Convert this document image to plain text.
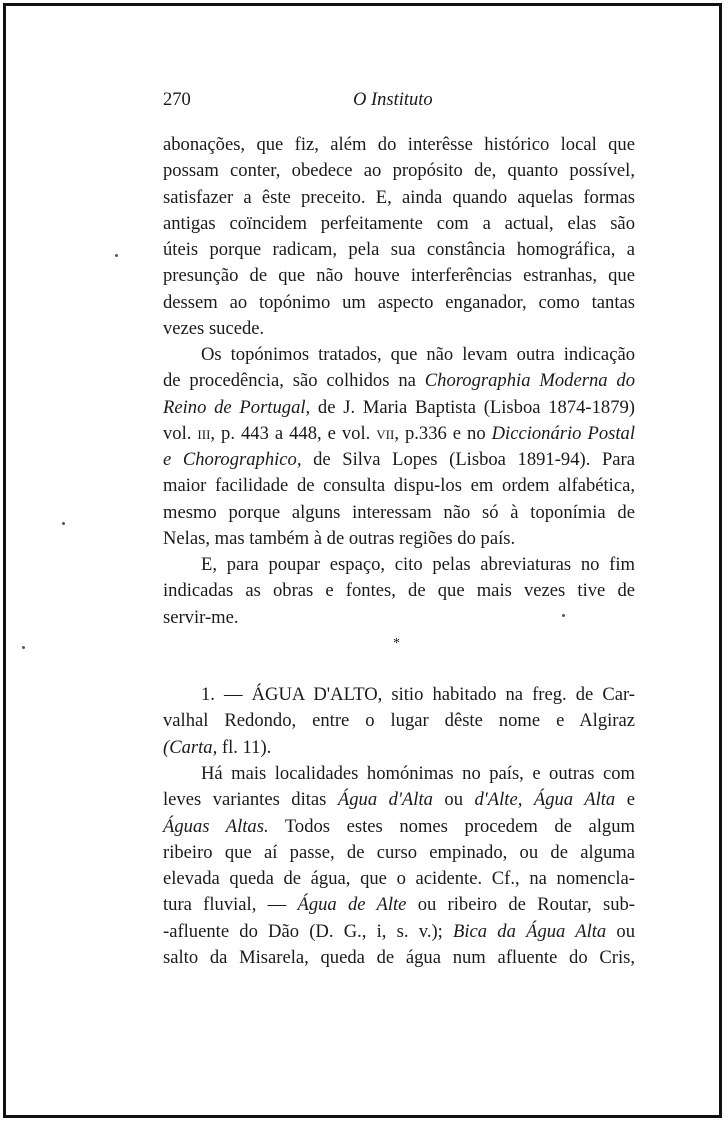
270	O Instituto
abonações, que fiz, além do interêsse histórico local que
possam conter, obedece ao propósito de, quanto possível,
satisfazer a êste preceito. E, ainda quando aquelas formas
antigas coïncidem perfeitamente com a actual, elas são
úteis porque radicam, pela sua constância homográfica, a
presunção de que não houve interferências estranhas, que
dessem ao topónimo um aspecto enganador, como tantas
vezes sucede.
Os topónimos tratados, que não levam outra indicação
de procedência, são colhidos na Chorographia Moderna do
Reino de Portugal, de J. Maria Baptista (Lisboa 1874-1879)
vol. iii, p. 443 a 448, e vol. vii, p.336 e no Diccionário Postal
e Chorographico, de Silva Lopes (Lisboa 1891-94). Para
maior facilidade de consulta dispu-los em ordem alfabética,
mesmo porque alguns interessam não só à toponímia de
Nelas, mas também à de outras regiões do país.
E, para poupar espaço, cito pelas abreviaturas no fim
indicadas as obras e fontes, de que mais vezes tive de
servir-me.
*
1. — ÁGUA D'ALTO, sitio habitado na freg. de Car-
valhal Redondo, entre o lugar dêste nome e Algiraz
(Carta, fl. 11).
Há mais localidades homónimas no país, e outras com
leves variantes ditas Água d'Alta ou d'Alte, Água Alta e
Águas Altas. Todos estes nomes procedem de algum
ribeiro que aí passe, de curso empinado, ou de alguma
elevada queda de água, que o acidente. Cf., na nomencla-
tura fluvial, — Água de Alte ou ribeiro de Routar, sub-
-afluente do Dão (D. G., i, s. v.); Bica da Água Alta ou
salto da Misarela, queda de água num afluente do Cris,
